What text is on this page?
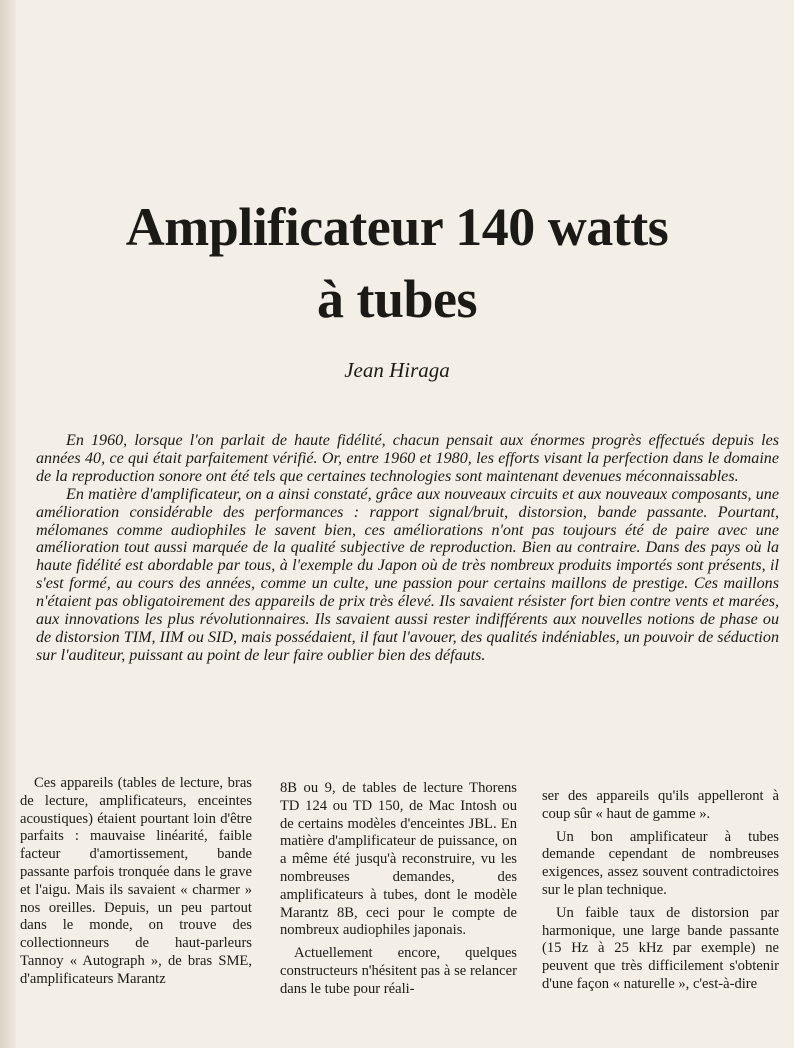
Amplificateur 140 watts
à tubes
Jean Hiraga

En 1960, lorsque l'on parlait de haute fidélité, chacun pensait aux énormes progrès effectués depuis les années 40, ce qui était parfaitement vérifié. Or, entre 1960 et 1980, les efforts visant la perfection dans le domaine de la reproduction sonore ont été tels que certaines technologies sont maintenant devenues méconnaissables.

En matière d'amplificateur, on a ainsi constaté, grâce aux nouveaux circuits et aux nouveaux composants, une amélioration considérable des performances : rapport signal/bruit, distorsion, bande passante. Pourtant, mélomanes comme audiophiles le savent bien, ces améliorations n'ont pas toujours été de paire avec une amélioration tout aussi marquée de la qualité subjective de reproduction. Bien au contraire. Dans des pays où la haute fidélité est abordable par tous, à l'exemple du Japon où de très nombreux produits importés sont présents, il s'est formé, au cours des années, comme un culte, une passion pour certains maillons de prestige. Ces maillons n'étaient pas obligatoirement des appareils de prix très élevé. Ils savaient résister fort bien contre vents et marées, aux innovations les plus révolutionnaires. Ils savaient aussi rester indifférents aux nouvelles notions de phase ou de distorsion TIM, IIM ou SID, mais possédaient, il faut l'avouer, des qualités indéniables, un pouvoir de séduction sur l'auditeur, puissant au point de leur faire oublier bien des défauts.

Ces appareils (tables de lecture, bras de lecture, amplificateurs, enceintes acoustiques) étaient pourtant loin d'être parfaits : mauvaise linéarité, faible facteur d'amortissement, bande passante parfois tronquée dans le grave et l'aigu. Mais ils savaient « charmer » nos oreilles. Depuis, un peu partout dans le monde, on trouve des collectionneurs de haut-parleurs Tannoy « Autograph », de bras SME, d'amplificateurs Marantz

8B ou 9, de tables de lecture Thorens TD 124 ou TD 150, de Mac Intosh ou de certains modèles d'enceintes JBL. En matière d'amplificateur de puissance, on a même été jusqu'à reconstruire, vu les nombreuses demandes, des amplificateurs à tubes, dont le modèle Marantz 8B, ceci pour le compte de nombreux audiophiles japonais.

Actuellement encore, quelques constructeurs n'hésitent pas à se relancer dans le tube pour réali-

ser des appareils qu'ils appelleront à coup sûr « haut de gamme ».

Un bon amplificateur à tubes demande cependant de nombreuses exigences, assez souvent contradictoires sur le plan technique.

Un faible taux de distorsion par harmonique, une large bande passante (15 Hz à 25 kHz par exemple) ne peuvent que très difficilement s'obtenir d'une façon « naturelle », c'est-à-dire
